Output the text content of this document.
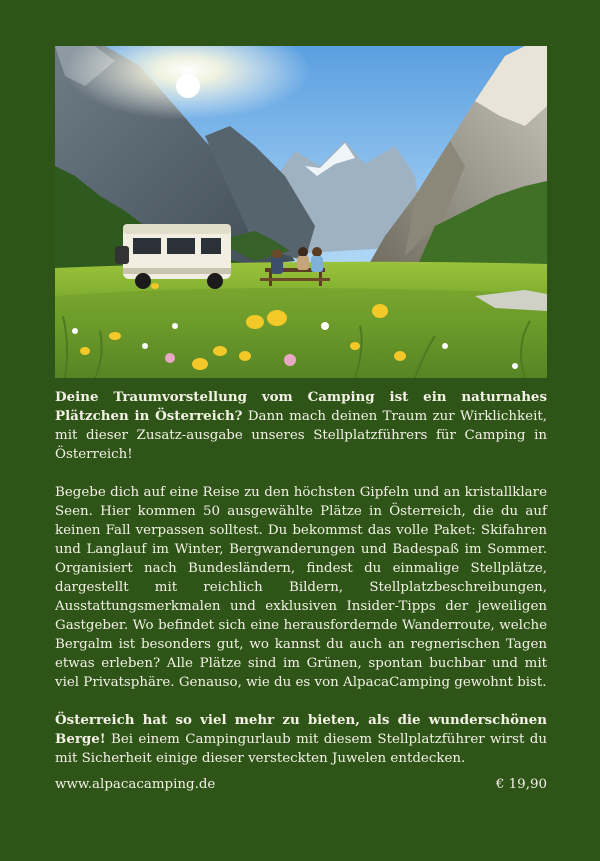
Deine Traumvorstellung vom Camping ist ein naturnahes Plätzchen in Österreich? Dann mach deinen Traum zur Wirklichkeit, mit dieser Zusatz-ausgabe unseres Stellplatzführers für Camping in Österreich!

Begebe dich auf eine Reise zu den höchsten Gipfeln und an kristallklare Seen. Hier kommen 50 ausgewählte Plätze in Österreich, die du auf keinen Fall verpassen solltest. Du bekommst das volle Paket: Skifahren und Langlauf im Winter, Bergwanderungen und Badespaß im Sommer. Organisiert nach Bundesländern, findest du einmalige Stellplätze, dargestellt mit reichlich Bildern, Stellplatzbeschreibungen, Ausstattungsmerkmalen und exklusiven Insider-Tipps der jeweiligen Gastgeber. Wo befindet sich eine herausfordernde Wanderroute, welche Bergalm ist besonders gut, wo kannst du auch an regnerischen Tagen etwas erleben? Alle Plätze sind im Grünen, spontan buchbar und mit viel Privatsphäre. Genauso, wie du es von AlpacaCamping gewohnt bist.

Österreich hat so viel mehr zu bieten, als die wunderschönen Berge! Bei einem Campingurlaub mit diesem Stellplatzführer wirst du mit Sicherheit einige dieser versteckten Juwelen entdecken.

www.alpacacamping.de	€ 19,90
